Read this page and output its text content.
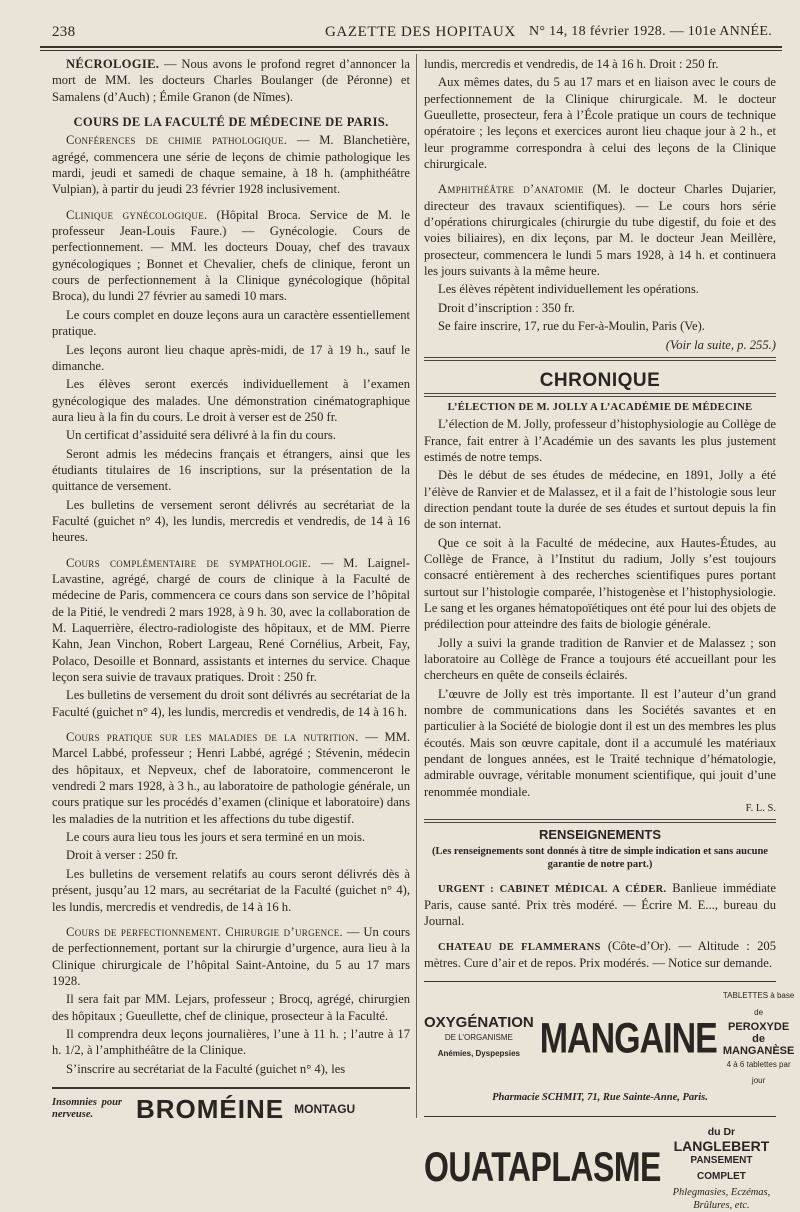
238	GAZETTE DES HOPITAUX N° 14, 18 février 1928. — 101e ANNÉE.

NÉCROLOGIE. — Nous avons le profond regret d’annoncer la mort de MM. les docteurs Charles Boulanger (de Péronne) et Samalens (d’Auch) ; Émile Granon (de Nîmes).

COURS DE LA FACULTÉ DE MÉDECINE DE PARIS.

Conférences de chimie pathologique. — M. Blanchetière, agrégé, commencera une série de leçons de chimie pathologique les mardi, jeudi et samedi de chaque semaine, à 18 h. (amphithéâtre Vulpian), à partir du jeudi 23 février 1928 inclusivement.

Clinique gynécologique. (Hôpital Broca. Service de M. le professeur Jean-Louis Faure.) — Gynécologie. Cours de perfectionnement. — MM. les docteurs Douay, chef des travaux gynécologiques ; Bonnet et Chevalier, chefs de clinique, feront un cours de perfectionnement à la Clinique gynécologique (hôpital Broca), du lundi 27 février au samedi 10 mars.

Le cours complet en douze leçons aura un caractère essentiellement pratique.

Les leçons auront lieu chaque après-midi, de 17 à 19 h., sauf le dimanche.

Les élèves seront exercés individuellement à l’examen gynécologique des malades. Une démonstration cinématographique aura lieu à la fin du cours. Le droit à verser est de 250 fr.

Un certificat d’assiduité sera délivré à la fin du cours.

Seront admis les médecins français et étrangers, ainsi que les étudiants titulaires de 16 inscriptions, sur la présentation de la quittance de versement.

Les bulletins de versement seront délivrés au secrétariat de la Faculté (guichet n° 4), les lundis, mercredis et vendredis, de 14 à 16 heures.

Cours complémentaire de sympathologie. — M. Laignel-Lavastine, agrégé, chargé de cours de clinique à la Faculté de médecine de Paris, commencera ce cours dans son service de l’hôpital de la Pitié, le vendredi 2 mars 1928, à 9 h. 30, avec la collaboration de M. Laquerrière, électro-radiologiste des hôpitaux, et de MM. Pierre Kahn, Jean Vinchon, Robert Largeau, René Cornélius, Arbeit, Fay, Polaco, Desoille et Bonnard, assistants et internes du service. Chaque leçon sera suivie de travaux pratiques. Droit : 250 fr.

Les bulletins de versement du droit sont délivrés au secrétariat de la Faculté (guichet n° 4), les lundis, mercredis et vendredis, de 14 à 16 h.

Cours pratique sur les maladies de la nutrition. — MM. Marcel Labbé, professeur ; Henri Labbé, agrégé ; Stévenin, médecin des hôpitaux, et Nepveux, chef de laboratoire, commenceront le vendredi 2 mars 1928, à 3 h., au laboratoire de pathologie générale, un cours pratique sur les procédés d’examen (clinique et laboratoire) dans les maladies de la nutrition et les affections du tube digestif.

Le cours aura lieu tous les jours et sera terminé en un mois.

Droit à verser : 250 fr.

Les bulletins de versement relatifs au cours seront délivrés dès à présent, jusqu’au 12 mars, au secrétariat de la Faculté (guichet n° 4), les lundis, mercredis et vendredis, de 14 à 16 h.

Cours de perfectionnement. Chirurgie d’urgence. — Un cours de perfectionnement, portant sur la chirurgie d’urgence, aura lieu à la Clinique chirurgicale de l’hôpital Saint-Antoine, du 5 au 17 mars 1928.

Il sera fait par MM. Lejars, professeur ; Brocq, agrégé, chirurgien des hôpitaux ; Gueullette, chef de clinique, prosecteur à la Faculté.

Il comprendra deux leçons journalières, l’une à 11 h. ; l’autre à 17 h. 1/2, à l’amphithéâtre de la Clinique.

S’inscrire au secrétariat de la Faculté (guichet n° 4), les

Insomnies pour nerveuse.	BROMÉINE MONTAGU

lundis, mercredis et vendredis, de 14 à 16 h. Droit : 250 fr.

Aux mêmes dates, du 5 au 17 mars et en liaison avec le cours de perfectionnement de la Clinique chirurgicale. M. le docteur Gueullette, prosecteur, fera à l’École pratique un cours de technique opératoire ; les leçons et exercices auront lieu chaque jour à 2 h., et leur programme correspondra à celui des leçons de la Clinique chirurgicale.

Amphithéâtre d’anatomie (M. le docteur Charles Dujarier, directeur des travaux scientifiques). — Le cours hors série d’opérations chirurgicales (chirurgie du tube digestif, du foie et des voies biliaires), en dix leçons, par M. le docteur Jean Meillère, prosecteur, commencera le lundi 5 mars 1928, à 14 h. et continuera les jours suivants à la même heure.

Les élèves répètent individuellement les opérations.

Droit d’inscription : 350 fr.

Se faire inscrire, 17, rue du Fer-à-Moulin, Paris (Ve).

(Voir la suite, p. 255.)

CHRONIQUE

L’ÉLECTION DE M. JOLLY A L’ACADÉMIE DE MÉDECINE

L’élection de M. Jolly, professeur d’histophysiologie au Collège de France, fait entrer à l’Académie un des savants les plus justement estimés de notre temps.

Dès le début de ses études de médecine, en 1891, Jolly a été l’élève de Ranvier et de Malassez, et il a fait de l’histologie sous leur direction pendant toute la durée de ses études et surtout depuis la fin de son internat.

Que ce soit à la Faculté de médecine, aux Hautes-Études, au Collège de France, à l’Institut du radium, Jolly s’est toujours consacré entièrement à des recherches scientifiques pures portant surtout sur l’histologie comparée, l’histogenèse et l’histophysiologie. Le sang et les organes hématopoïétiques ont été pour lui des objets de prédilection pour atteindre des faits de biologie générale.

Jolly a suivi la grande tradition de Ranvier et de Malassez ; son laboratoire au Collège de France a toujours été accueillant pour les chercheurs en quête de conseils éclairés.

L’œuvre de Jolly est très importante. Il est l’auteur d’un grand nombre de communications dans les Sociétés savantes et en particulier à la Société de biologie dont il est un des membres les plus écoutés. Mais son œuvre capitale, dont il a accumulé les matériaux pendant de longues années, est le Traité technique d’hématologie, admirable ouvrage, véritable monument scientifique, qui jouit d’une renommée mondiale.

F. L. S.

RENSEIGNEMENTS

(Les renseignements sont donnés à titre de simple indication et sans aucune garantie de notre part.)

URGENT : CABINET MÉDICAL A CÉDER. Banlieue immédiate Paris, cause santé. Prix très modéré. — Écrire M. E..., bureau du Journal.

CHATEAU DE FLAMMERANS (Côte-d’Or). — Altitude : 205 mètres. Cure d’air et de repos. Prix modérés. — Notice sur demande.

OXYGÉNATION
DE L’ORGANISME
Anémies, Dyspepsies MANGAINE
TABLETTES à base de
PEROXYDE de MANGANÈSE
4 à 6 tablettes par jour
Pharmacie SCHMIT, 71, Rue Sainte-Anne, Paris.
OUATAPLASME
du Dr LANGLEBERT
PANSEMENT COMPLET
Phlegmasies, Eczémas, Brûlures, etc.
